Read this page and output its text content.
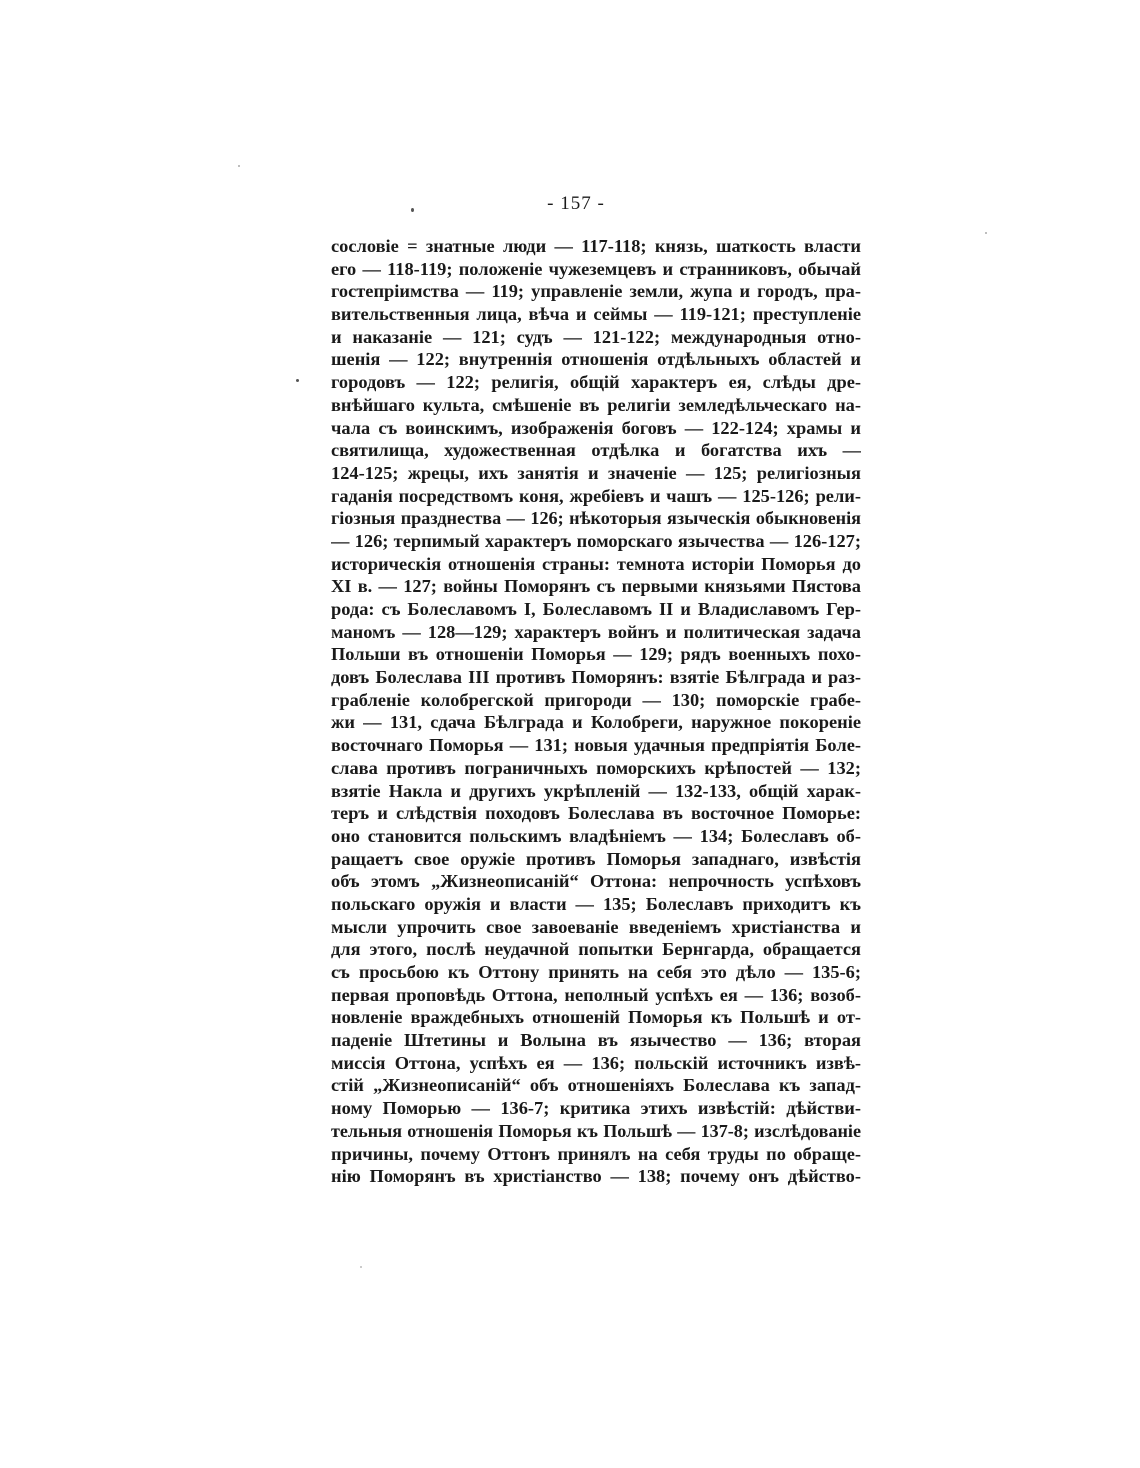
- 157 -
сословіе = знатные люди — 117-118; князь, шаткость власти
его — 118-119; положеніе чужеземцевъ и странниковъ, обычай
гостепріимства — 119; управленіе земли, жупа и городъ, пра-
вительственныя лица, вѣча и сеймы — 119-121; преступленіе
и наказаніе — 121; судъ — 121-122; международныя отно-
шенія — 122; внутреннія отношенія отдѣльныхъ областей и
городовъ — 122; религія, общій характеръ ея, слѣды дре-
внѣйшаго культа, смѣшеніе въ религіи земледѣльческаго на-
чала съ воинскимъ, изображенія боговъ — 122-124; храмы и
святилища, художественная отдѣлка и богатства ихъ —
124-125; жрецы, ихъ занятія и значеніе — 125; религіозныя
гаданія посредствомъ коня, жребіевъ и чашъ — 125-126; рели-
гіозныя празднества — 126; нѣкоторыя языческія обыкновенія
— 126; терпимый характеръ поморскаго язычества — 126-127;
историческія отношенія страны: темнота исторіи Поморья до
XI в. — 127; войны Поморянъ съ первыми князьями Пястова
рода: съ Болеславомъ I, Болеславомъ II и Владиславомъ Гер-
маномъ — 128—129; характеръ войнъ и политическая задача
Польши въ отношеніи Поморья — 129; рядъ военныхъ похо-
довъ Болеслава III противъ Поморянъ: взятіе Бѣлграда и раз-
грабленіе колобрегской пригороди — 130; поморскіе грабе-
жи — 131, сдача Бѣлграда и Колобреги, наружное покореніе
восточнаго Поморья — 131; новыя удачныя предпріятія Боле-
слава противъ пограничныхъ поморскихъ крѣпостей — 132;
взятіе Накла и другихъ укрѣпленій — 132-133, общій харак-
теръ и слѣдствія походовъ Болеслава въ восточное Поморье:
оно становится польскимъ владѣніемъ — 134; Болеславъ об-
ращаетъ свое оружіе противъ Поморья западнаго, извѣстія
объ этомъ „Жизнеописаній“ Оттона: непрочность успѣховъ
польскаго оружія и власти — 135; Болеславъ приходитъ къ
мысли упрочить свое завоеваніе введеніемъ христіанства и
для этого, послѣ неудачной попытки Бернгарда, обращается
съ просьбою къ Оттону принять на себя это дѣло — 135-6;
первая проповѣдь Оттона, неполный успѣхъ ея — 136; возоб-
новленіе враждебныхъ отношеній Поморья къ Польшѣ и от-
паденіе Штетины и Волына въ язычество — 136; вторая
миссія Оттона, успѣхъ ея — 136; польскій источникъ извѣ-
стій „Жизнеописаній“ объ отношеніяхъ Болеслава къ запад-
ному Поморью — 136-7; критика этихъ извѣстій: дѣйстви-
тельныя отношенія Поморья къ Польшѣ — 137-8; изслѣдованіе
причины, почему Оттонъ принялъ на себя труды по обраще-
нію Поморянъ въ христіанство — 138; почему онъ дѣйство-
